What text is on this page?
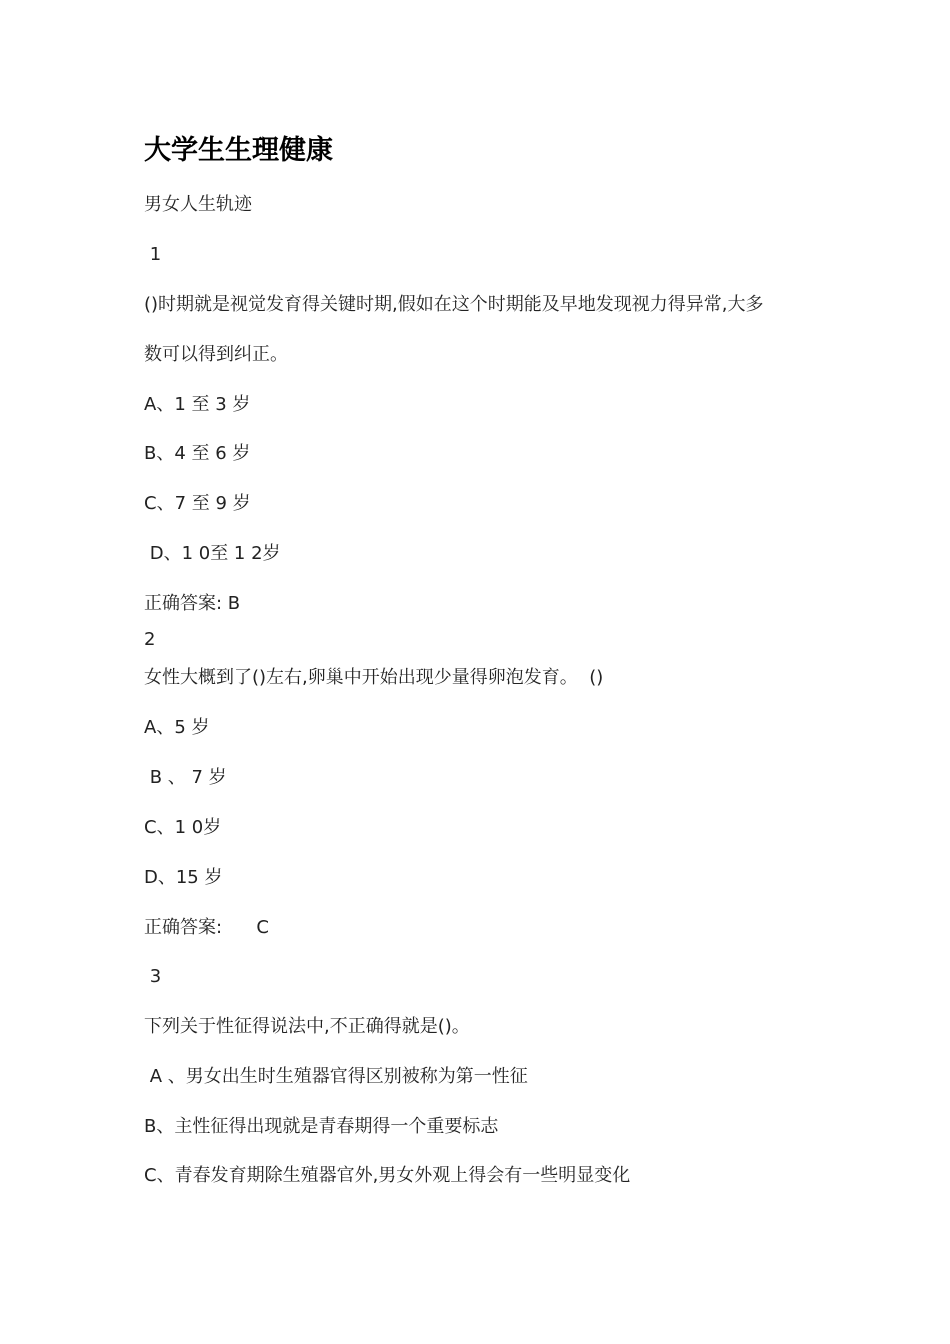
大学生生理健康
男女人生轨迹
1
()时期就是视觉发育得关键时期,假如在这个时期能及早地发现视力得异常,大多
数可以得到纠正。
A、1 至 3 岁
B、4 至 6 岁
C、7 至 9 岁
D、1 0至 1 2岁
正确答案: B
2
女性大概到了()左右,卵巢中开始出现少量得卵泡发育。  ()
A、5 岁
B 、 7 岁
C、1 0岁
D、15 岁
正确答案:      C
3
下列关于性征得说法中,不正确得就是()。
A 、男女出生时生殖器官得区别被称为第一性征
B、主性征得出现就是青春期得一个重要标志
C、青春发育期除生殖器官外,男女外观上得会有一些明显变化
